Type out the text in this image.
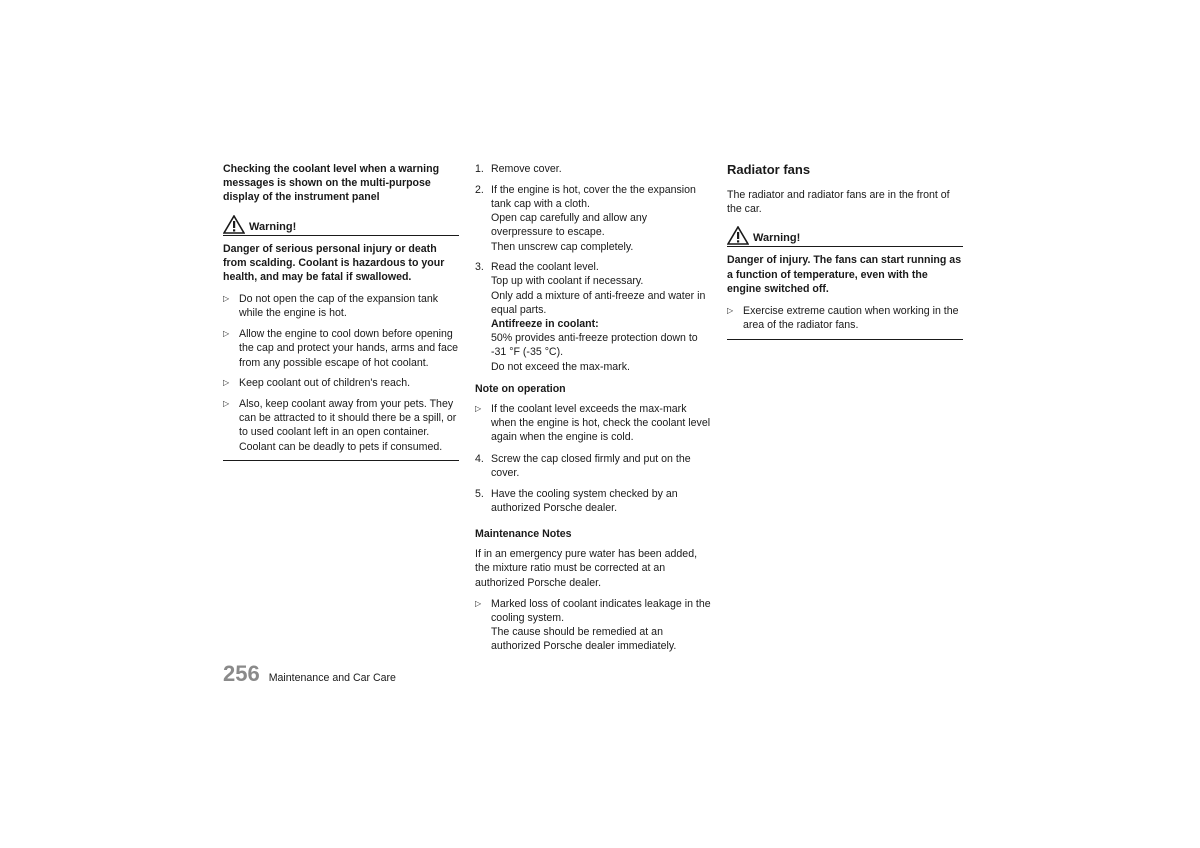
Checking the coolant level when a warning messages is shown on the multi-purpose display of the instrument panel

Warning!

Danger of serious personal injury or death from scalding. Coolant is hazardous to your health, and may be fatal if swallowed.

▷ Do not open the cap of the expansion tank while the engine is hot.
▷ Allow the engine to cool down before opening the cap and protect your hands, arms and face from any possible escape of hot coolant.
▷ Keep coolant out of children's reach.
▷ Also, keep coolant away from your pets. They can be attracted to it should there be a spill, or to used coolant left in an open container. Coolant can be deadly to pets if consumed.
1. Remove cover.

2. If the engine is hot, cover the the expansion tank cap with a cloth.

Open cap carefully and allow any overpressure to escape.

Then unscrew cap completely.

3. Read the coolant level.

Top up with coolant if necessary.

Only add a mixture of anti-freeze and water in equal parts.

Antifreeze in coolant:

50% provides anti-freeze protection down to -31 °F (-35 °C).

Do not exceed the max-mark.

Note on operation

▷ If the coolant level exceeds the max-mark when the engine is hot, check the coolant level again when the engine is cold.
4. Screw the cap closed firmly and put on the cover.

5. Have the cooling system checked by an authorized Porsche dealer.

Maintenance Notes

If in an emergency pure water has been added, the mixture ratio must be corrected at an authorized Porsche dealer.

▷ Marked loss of coolant indicates leakage in the cooling system.

The cause should be remedied at an authorized Porsche dealer immediately.

Radiator fans

The radiator and radiator fans are in the front of the car.

Warning!

Danger of injury. The fans can start running as a function of temperature, even with the engine switched off.

▷ Exercise extreme caution when working in the area of the radiator fans.
256 Maintenance and Car Care
